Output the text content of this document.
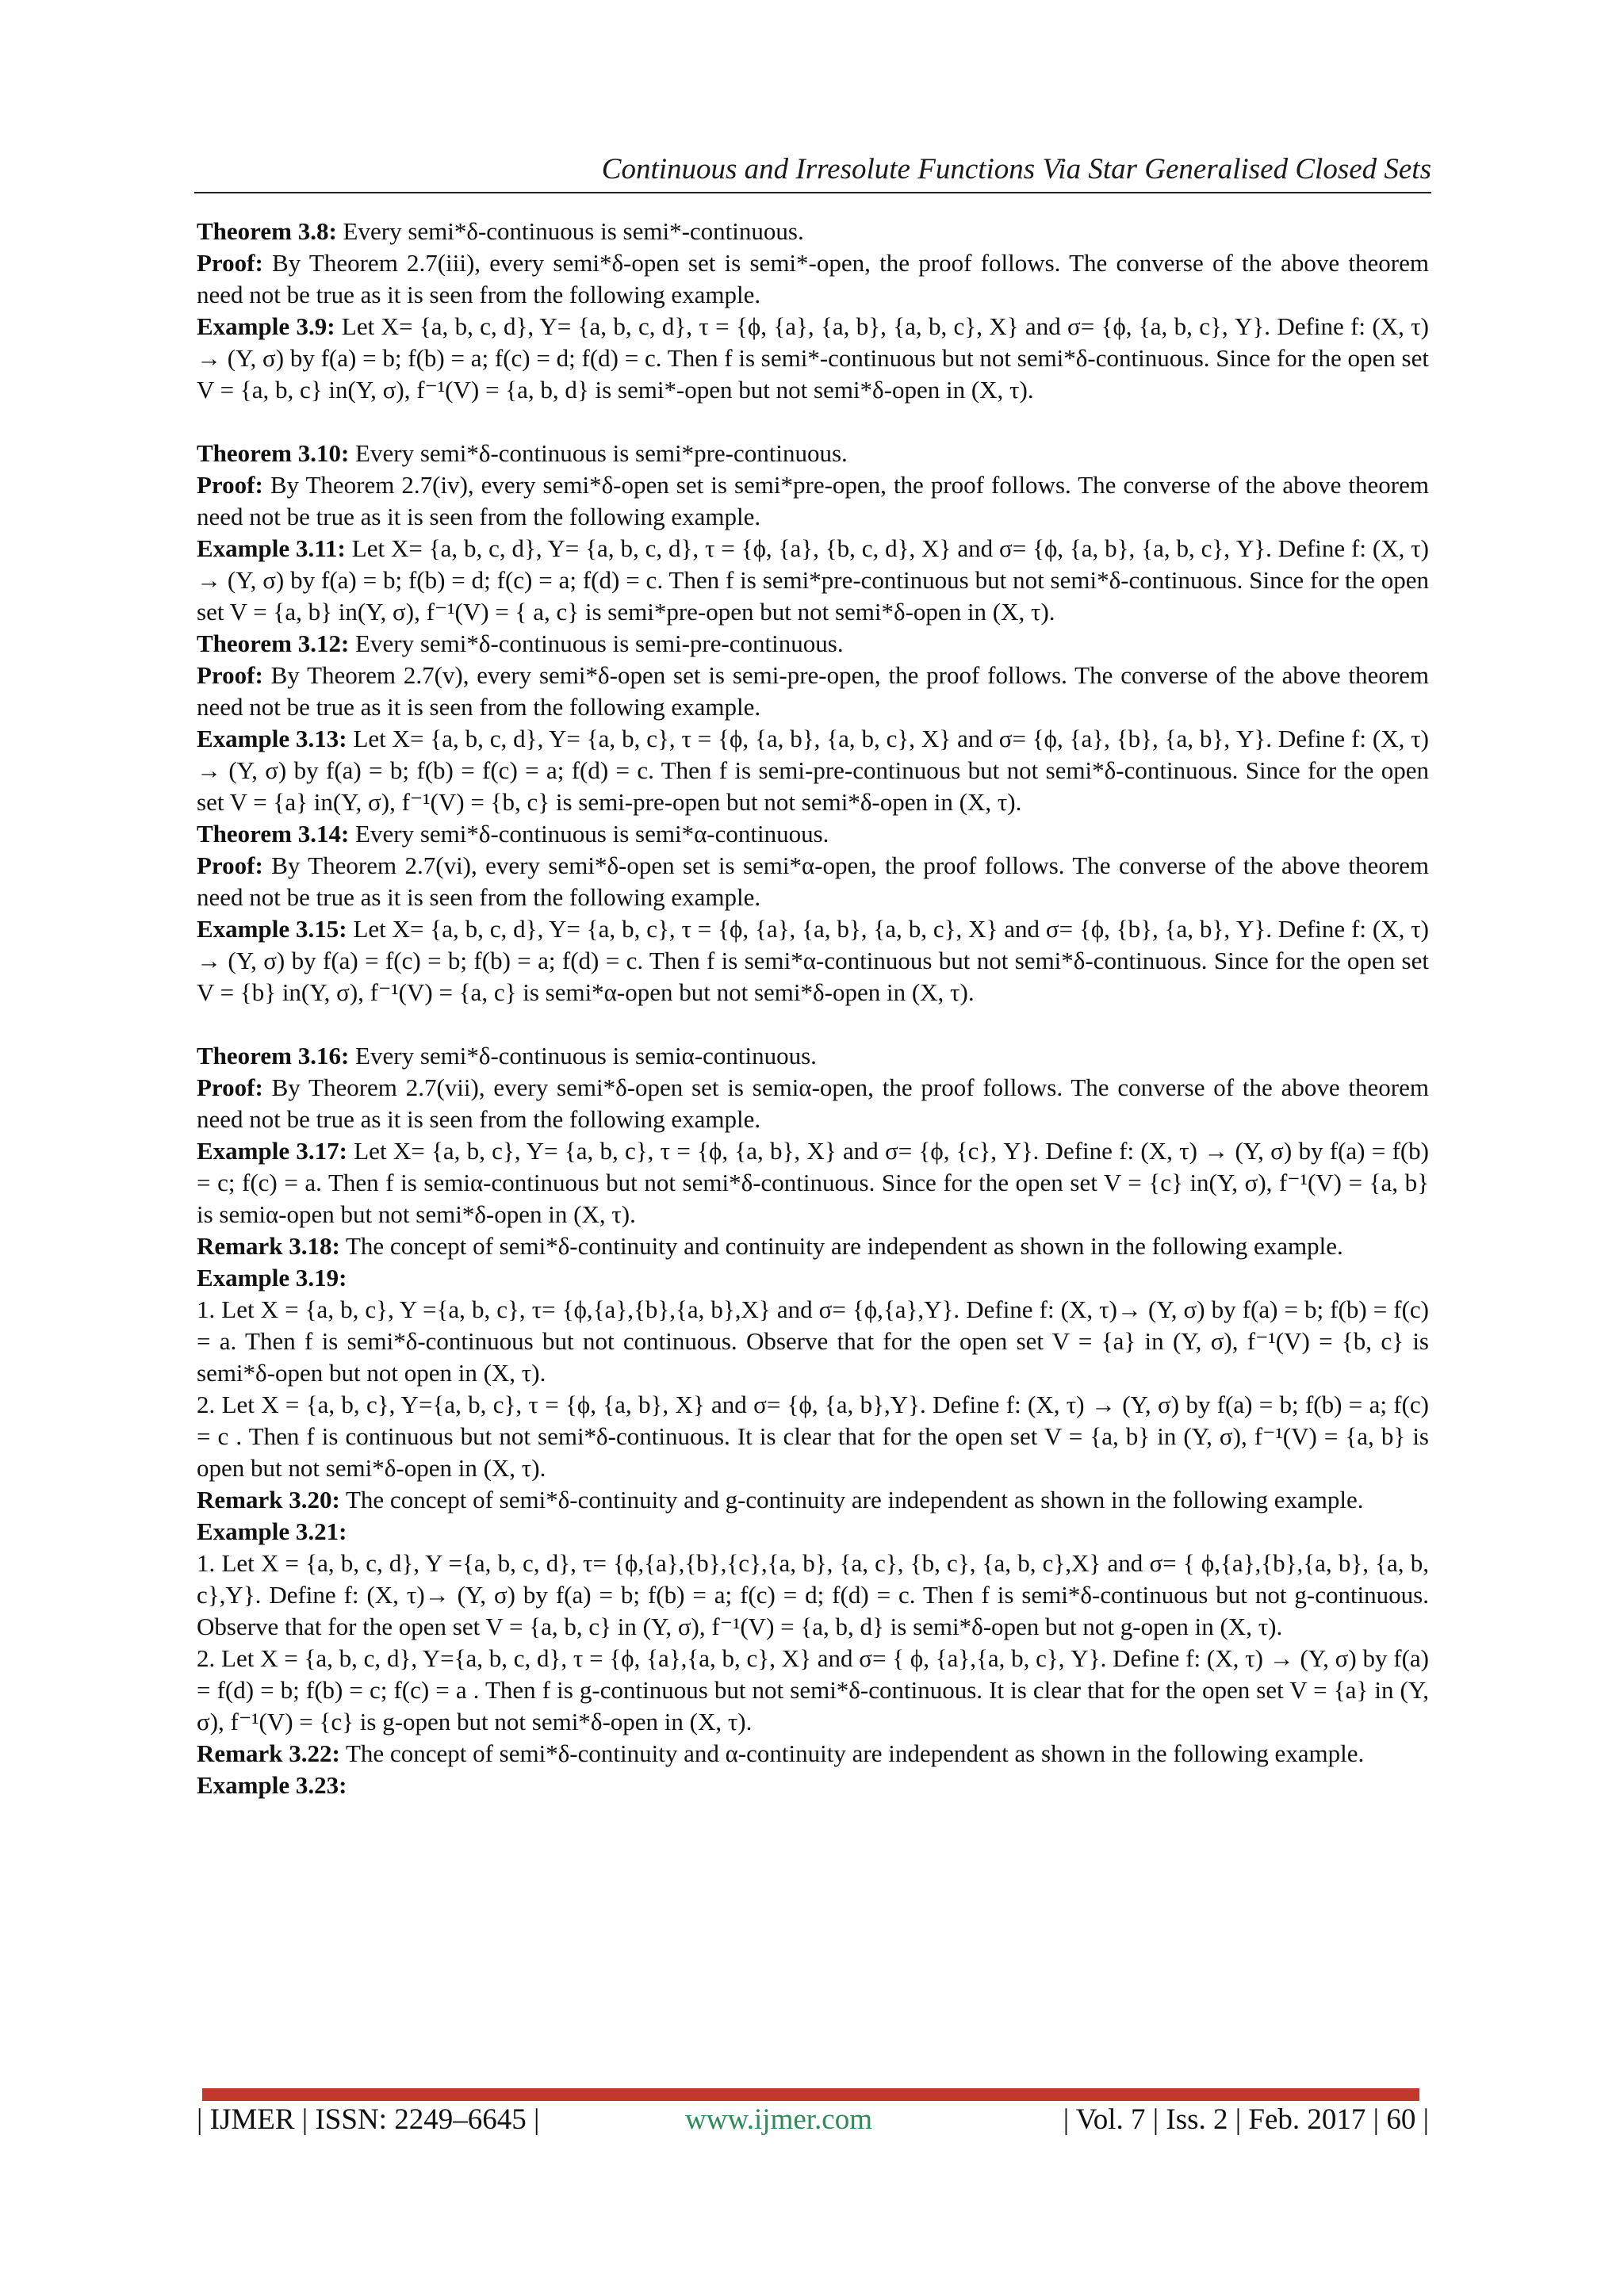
Continuous and Irresolute Functions Via Star Generalised Closed Sets

Theorem 3.8: Every semi*δ-continuous is semi*-continuous.

Proof: By Theorem 2.7(iii), every semi*δ-open set is semi*-open, the proof follows. The converse of the above theorem need not be true as it is seen from the following example.

Example 3.9: Let X= {a, b, c, d}, Y= {a, b, c, d}, τ = {ϕ, {a}, {a, b}, {a, b, c}, X} and σ= {ϕ, {a, b, c}, Y}. Define f: (X, τ) → (Y, σ) by f(a) = b; f(b) = a; f(c) = d; f(d) = c. Then f is semi*-continuous but not semi*δ-continuous. Since for the open set V = {a, b, c} in(Y, σ), f⁻¹(V) = {a, b, d} is semi*-open but not semi*δ-open in (X, τ).

Theorem 3.10: Every semi*δ-continuous is semi*pre-continuous.

Proof: By Theorem 2.7(iv), every semi*δ-open set is semi*pre-open, the proof follows. The converse of the above theorem need not be true as it is seen from the following example.

Example 3.11: Let X= {a, b, c, d}, Y= {a, b, c, d}, τ = {ϕ, {a}, {b, c, d}, X} and σ= {ϕ, {a, b}, {a, b, c}, Y}. Define f: (X, τ) → (Y, σ) by f(a) = b; f(b) = d; f(c) = a; f(d) = c. Then f is semi*pre-continuous but not semi*δ-continuous. Since for the open set V = {a, b} in(Y, σ), f⁻¹(V) = { a, c} is semi*pre-open but not semi*δ-open in (X, τ).

Theorem 3.12: Every semi*δ-continuous is semi-pre-continuous.

Proof: By Theorem 2.7(v), every semi*δ-open set is semi-pre-open, the proof follows. The converse of the above theorem need not be true as it is seen from the following example.

Example 3.13: Let X= {a, b, c, d}, Y= {a, b, c}, τ = {ϕ, {a, b}, {a, b, c}, X} and σ= {ϕ, {a}, {b}, {a, b}, Y}. Define f: (X, τ) → (Y, σ) by f(a) = b; f(b) = f(c) = a; f(d) = c. Then f is semi-pre-continuous but not semi*δ-continuous. Since for the open set V = {a} in(Y, σ), f⁻¹(V) = {b, c} is semi-pre-open but not semi*δ-open in (X, τ).

Theorem 3.14: Every semi*δ-continuous is semi*α-continuous.

Proof: By Theorem 2.7(vi), every semi*δ-open set is semi*α-open, the proof follows. The converse of the above theorem need not be true as it is seen from the following example.

Example 3.15: Let X= {a, b, c, d}, Y= {a, b, c}, τ = {ϕ, {a}, {a, b}, {a, b, c}, X} and σ= {ϕ, {b}, {a, b}, Y}. Define f: (X, τ) → (Y, σ) by f(a) = f(c) = b; f(b) = a; f(d) = c. Then f is semi*α-continuous but not semi*δ-continuous. Since for the open set V = {b} in(Y, σ), f⁻¹(V) = {a, c} is semi*α-open but not semi*δ-open in (X, τ).

Theorem 3.16: Every semi*δ-continuous is semiα-continuous.

Proof: By Theorem 2.7(vii), every semi*δ-open set is semiα-open, the proof follows. The converse of the above theorem need not be true as it is seen from the following example.

Example 3.17: Let X= {a, b, c}, Y= {a, b, c}, τ = {ϕ, {a, b}, X} and σ= {ϕ, {c}, Y}. Define f: (X, τ) → (Y, σ) by f(a) = f(b) = c; f(c) = a. Then f is semiα-continuous but not semi*δ-continuous. Since for the open set V = {c} in(Y, σ), f⁻¹(V) = {a, b} is semiα-open but not semi*δ-open in (X, τ).

Remark 3.18: The concept of semi*δ-continuity and continuity are independent as shown in the following example.

Example 3.19:

1. Let X = {a, b, c}, Y ={a, b, c}, τ= {ϕ,{a},{b},{a, b},X} and σ= {ϕ,{a},Y}. Define f: (X, τ)→ (Y, σ) by f(a) = b; f(b) = f(c) = a. Then f is semi*δ-continuous but not continuous. Observe that for the open set V = {a} in (Y, σ), f⁻¹(V) = {b, c} is semi*δ-open but not open in (X, τ).

2. Let X = {a, b, c}, Y={a, b, c}, τ = {ϕ, {a, b}, X} and σ= {ϕ, {a, b},Y}. Define f: (X, τ) → (Y, σ) by f(a) = b; f(b) = a; f(c) = c . Then f is continuous but not semi*δ-continuous. It is clear that for the open set V = {a, b} in (Y, σ), f⁻¹(V) = {a, b} is open but not semi*δ-open in (X, τ).

Remark 3.20: The concept of semi*δ-continuity and g-continuity are independent as shown in the following example.

Example 3.21:

1. Let X = {a, b, c, d}, Y ={a, b, c, d}, τ= {ϕ,{a},{b},{c},{a, b}, {a, c}, {b, c}, {a, b, c},X} and σ= { ϕ,{a},{b},{a, b}, {a, b, c},Y}. Define f: (X, τ)→ (Y, σ) by f(a) = b; f(b) = a; f(c) = d; f(d) = c. Then f is semi*δ-continuous but not g-continuous. Observe that for the open set V = {a, b, c} in (Y, σ), f⁻¹(V) = {a, b, d} is semi*δ-open but not g-open in (X, τ).

2. Let X = {a, b, c, d}, Y={a, b, c, d}, τ = {ϕ, {a},{a, b, c}, X} and σ= { ϕ, {a},{a, b, c}, Y}. Define f: (X, τ) → (Y, σ) by f(a) = f(d) = b; f(b) = c; f(c) = a . Then f is g-continuous but not semi*δ-continuous. It is clear that for the open set V = {a} in (Y, σ), f⁻¹(V) = {c} is g-open but not semi*δ-open in (X, τ).

Remark 3.22: The concept of semi*δ-continuity and α-continuity are independent as shown in the following example.

Example 3.23:

| IJMER | ISSN: 2249–6645 |	www.ijmer.com	| Vol. 7 | Iss. 2 | Feb. 2017 | 60 |
